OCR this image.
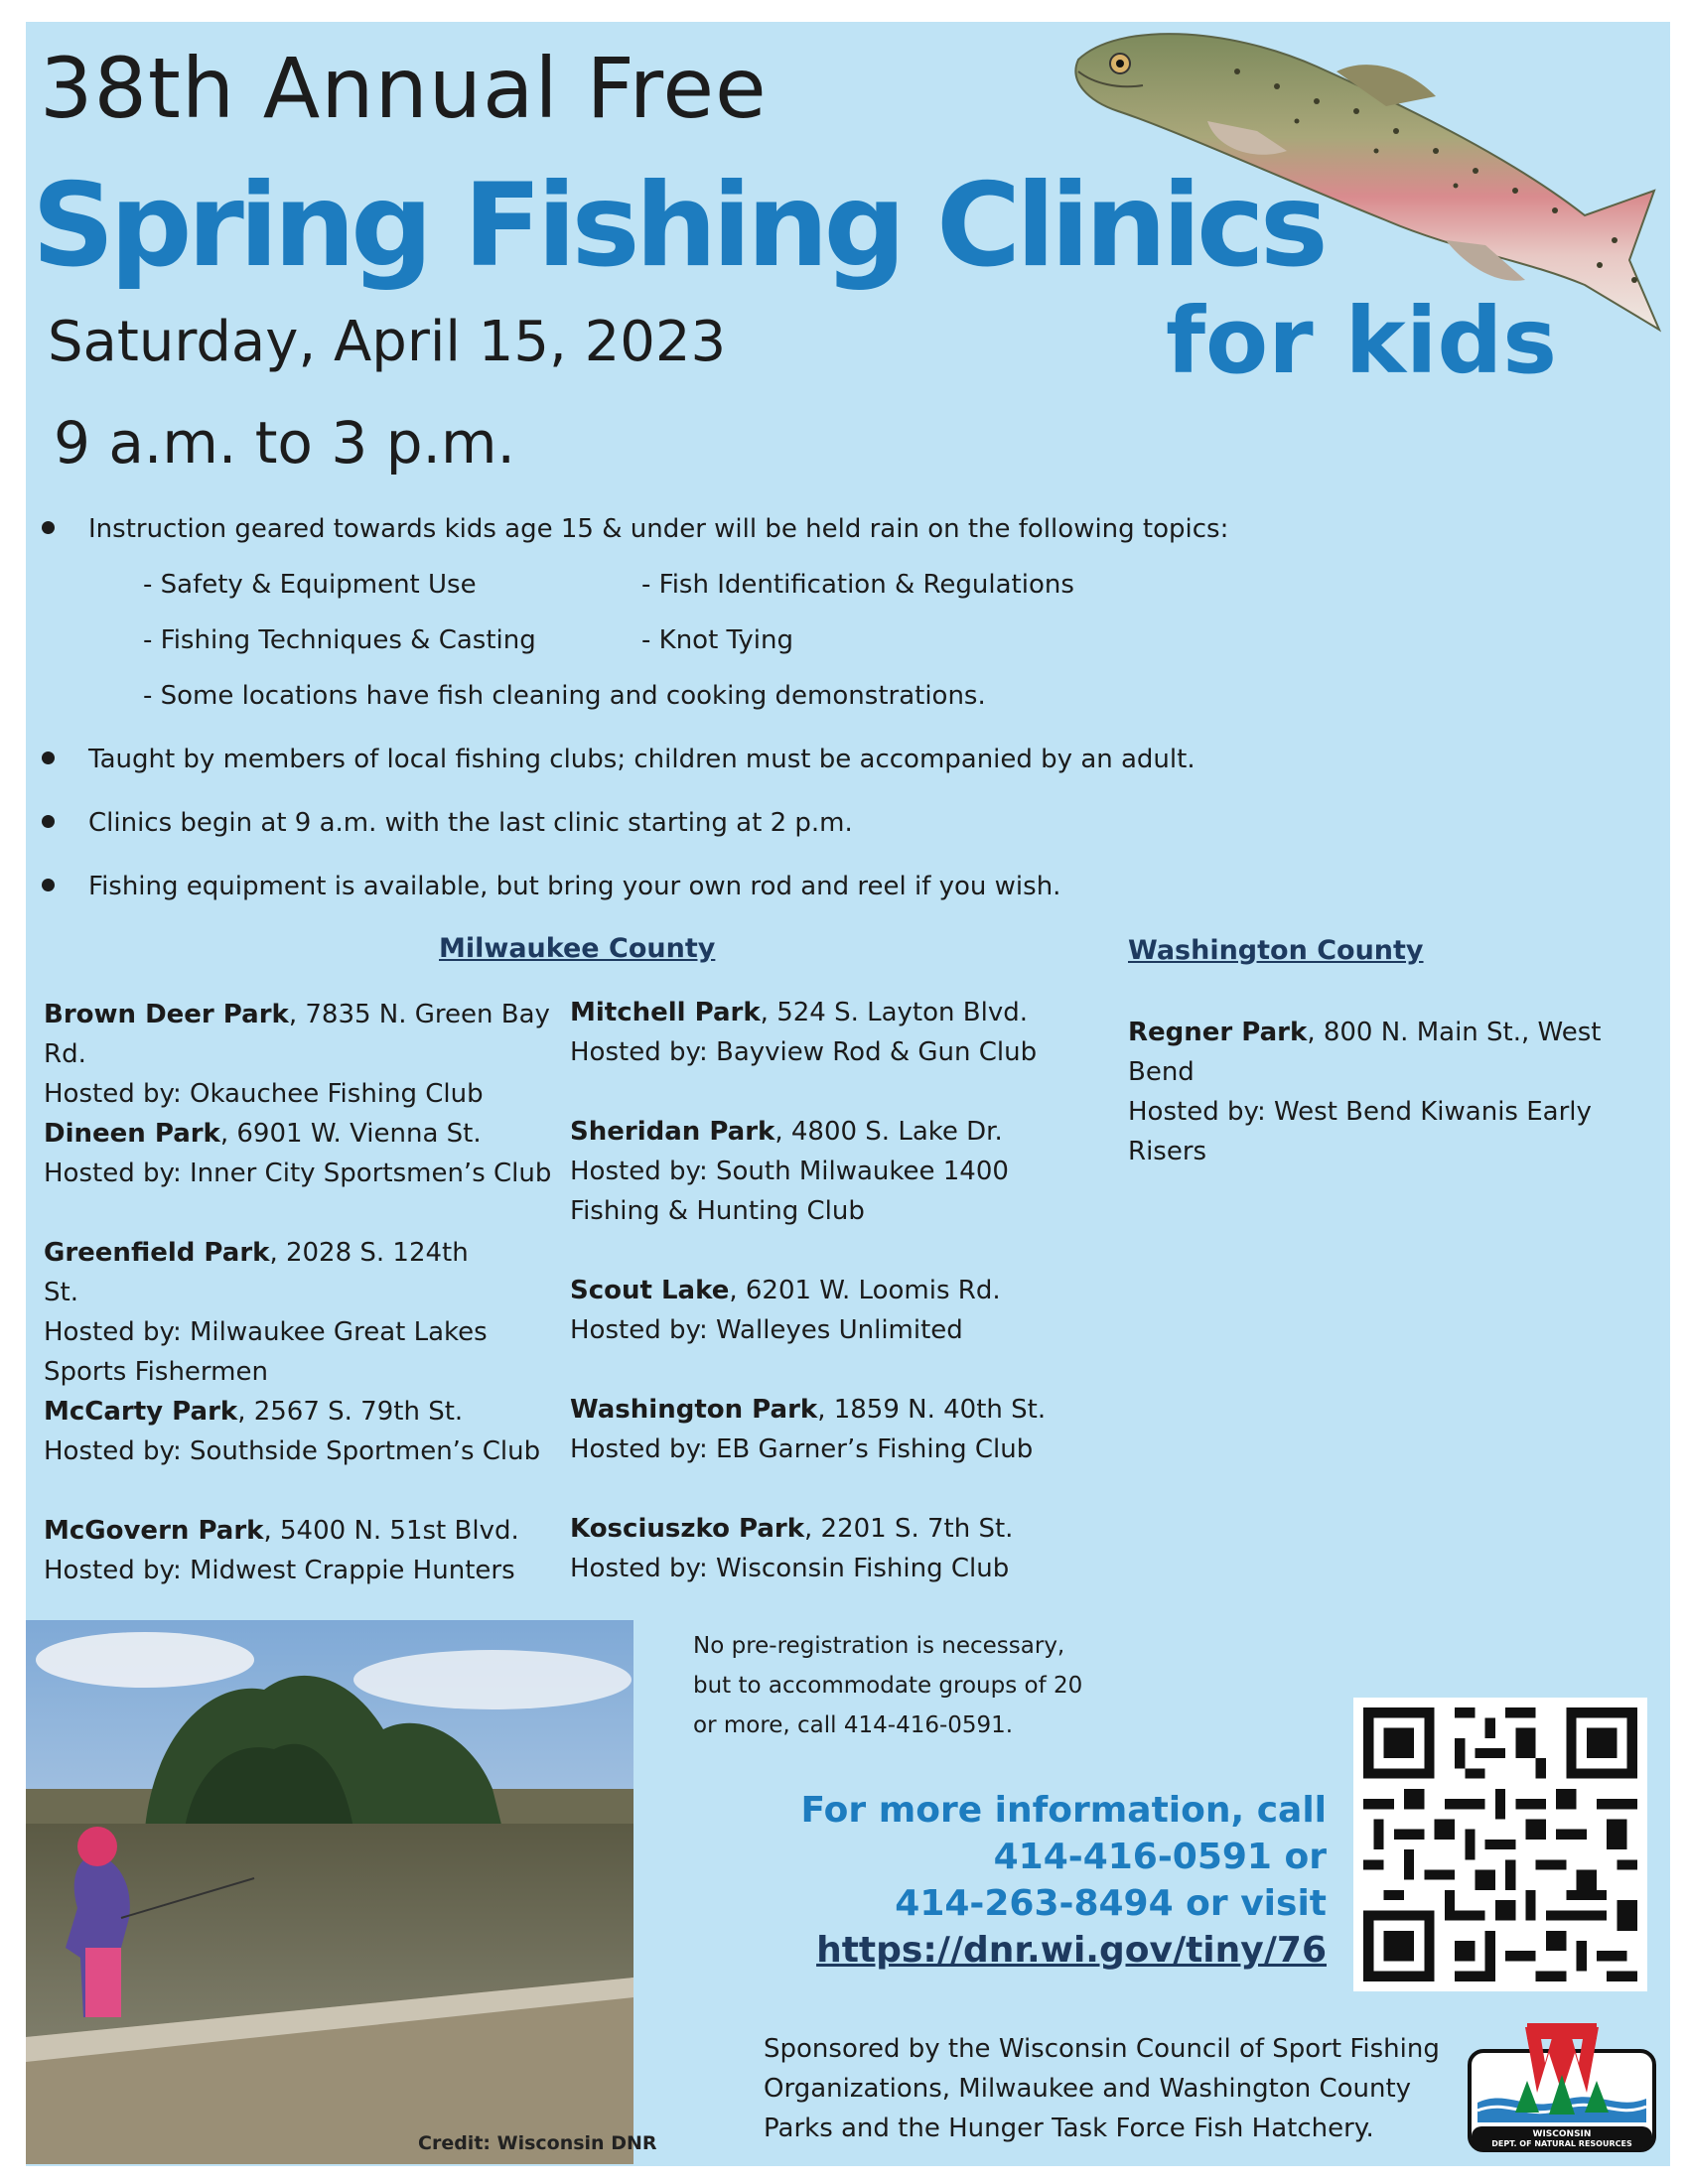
38th Annual Free
Spring Fishing Clinics
for kids
Saturday, April 15, 2023
9 a.m. to 3 p.m.
Instruction geared towards kids age 15 & under will be held rain on the following topics:
- Safety & Equipment Use	- Fish Identification & Regulations
- Fishing Techniques & Casting	- Knot Tying
- Some locations have fish cleaning and cooking demonstrations.
Taught by members of local fishing clubs; children must be accompanied by an adult.
Clinics begin at 9 a.m. with the last clinic starting at 2 p.m.
Fishing equipment is available, but bring your own rod and reel if you wish.
Milwaukee County	Washington County
Brown Deer Park, 7835 N. Green Bay Rd.
Hosted by: Okauchee Fishing Club
Dineen Park, 6901 W. Vienna St.
Hosted by: Inner City Sportsmen’s Club
Greenfield Park, 2028 S. 124th St.
Hosted by: Milwaukee Great Lakes Sports Fishermen
McCarty Park, 2567 S. 79th St.
Hosted by: Southside Sportmen’s Club
McGovern Park, 5400 N. 51st Blvd.
Hosted by: Midwest Crappie Hunters
Mitchell Park, 524 S. Layton Blvd.
Hosted by: Bayview Rod & Gun Club
Sheridan Park, 4800 S. Lake Dr.
Hosted by: South Milwaukee 1400 Fishing & Hunting Club
Scout Lake, 6201 W. Loomis Rd.
Hosted by: Walleyes Unlimited
Washington Park, 1859 N. 40th St.
Hosted by: EB Garner’s Fishing Club
Kosciuszko Park, 2201 S. 7th St.
Hosted by: Wisconsin Fishing Club
Regner Park, 800 N. Main St., West Bend
Hosted by: West Bend Kiwanis Early Risers
Credit: Wisconsin DNR
No pre-registration is necessary, but to accommodate groups of 20 or more, call 414-416-0591.
For more information, call
414-416-0591 or
414-263-8494 or visit
https://dnr.wi.gov/tiny/76
Sponsored by the Wisconsin Council of Sport Fishing Organizations, Milwaukee and Washington County Parks and the Hunger Task Force Fish Hatchery.	WISCONSIN
DEPT. OF NATURAL RESOURCES
